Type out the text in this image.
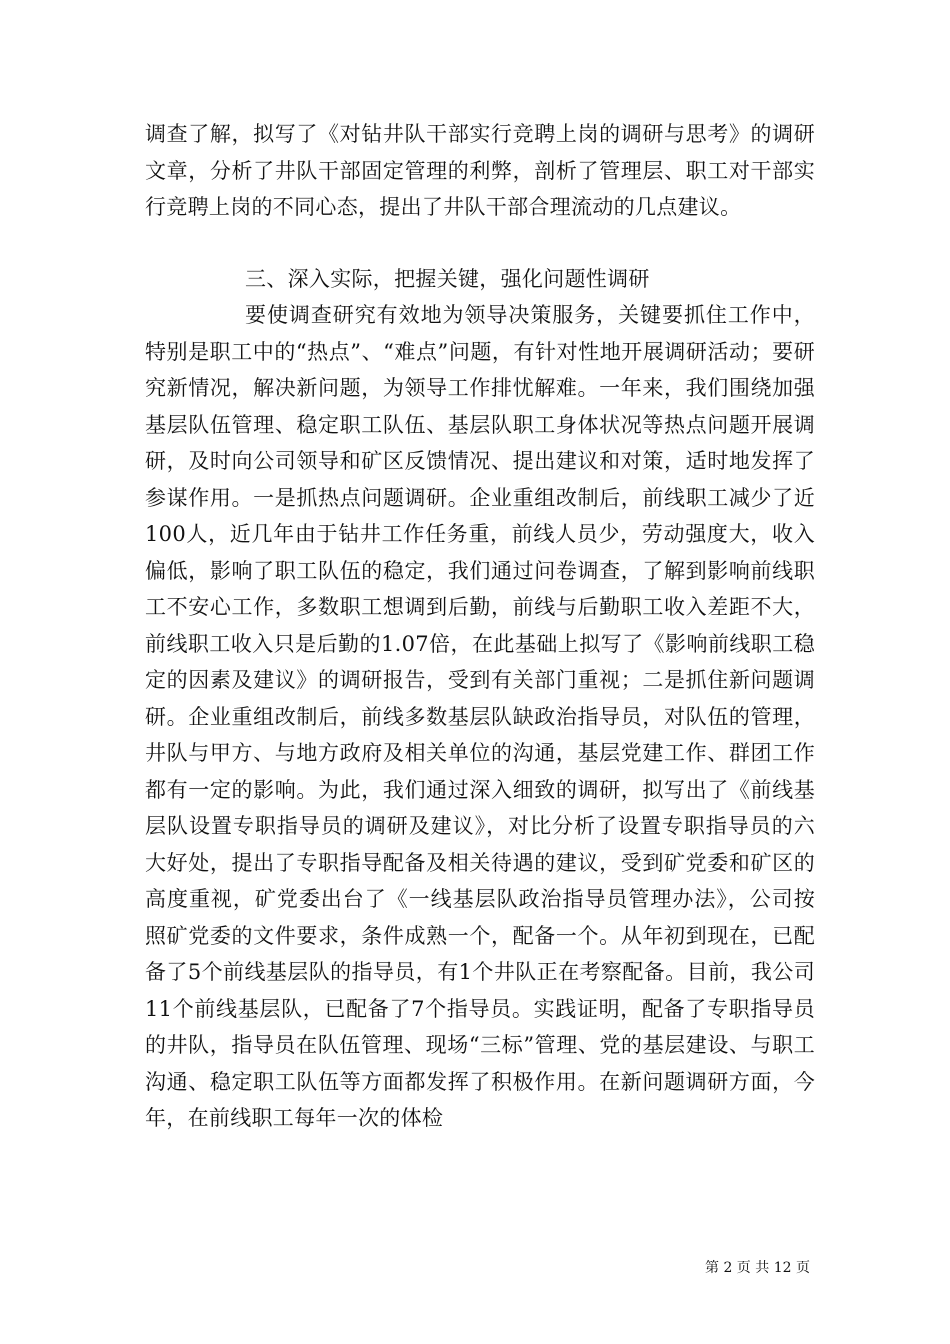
调查了解，拟写了《对钻井队干部实行竞聘上岗的调研与思考》的调研文章，分析了井队干部固定管理的利弊，剖析了管理层、职工对干部实行竞聘上岗的不同心态，提出了井队干部合理流动的几点建议。

三、深入实际，把握关键，强化问题性调研

要使调查研究有效地为领导决策服务，关键要抓住工作中，特别是职工中的“热点”、“难点”问题，有针对性地开展调研活动；要研究新情况，解决新问题，为领导工作排忧解难。一年来，我们围绕加强基层队伍管理、稳定职工队伍、基层队职工身体状况等热点问题开展调研，及时向公司领导和矿区反馈情况、提出建议和对策，适时地发挥了参谋作用。一是抓热点问题调研。企业重组改制后，前线职工减少了近100人，近几年由于钻井工作任务重，前线人员少，劳动强度大，收入偏低，影响了职工队伍的稳定，我们通过问卷调查，了解到影响前线职工不安心工作，多数职工想调到后勤，前线与后勤职工收入差距不大，前线职工收入只是后勤的1.07倍，在此基础上拟写了《影响前线职工稳定的因素及建议》的调研报告，受到有关部门重视；二是抓住新问题调研。企业重组改制后，前线多数基层队缺政治指导员，对队伍的管理，井队与甲方、与地方政府及相关单位的沟通，基层党建工作、群团工作都有一定的影响。为此，我们通过深入细致的调研，拟写出了《前线基层队设置专职指导员的调研及建议》，对比分析了设置专职指导员的六大好处，提出了专职指导配备及相关待遇的建议，受到矿党委和矿区的高度重视，矿党委出台了《一线基层队政治指导员管理办法》，公司按照矿党委的文件要求，条件成熟一个，配备一个。从年初到现在，已配备了5个前线基层队的指导员，有1个井队正在考察配备。目前，我公司11个前线基层队，已配备了7个指导员。实践证明，配备了专职指导员的井队，指导员在队伍管理、现场“三标”管理、党的基层建设、与职工沟通、稳定职工队伍等方面都发挥了积极作用。在新问题调研方面，今年，在前线职工每年一次的体检

第 2 页 共 12 页
